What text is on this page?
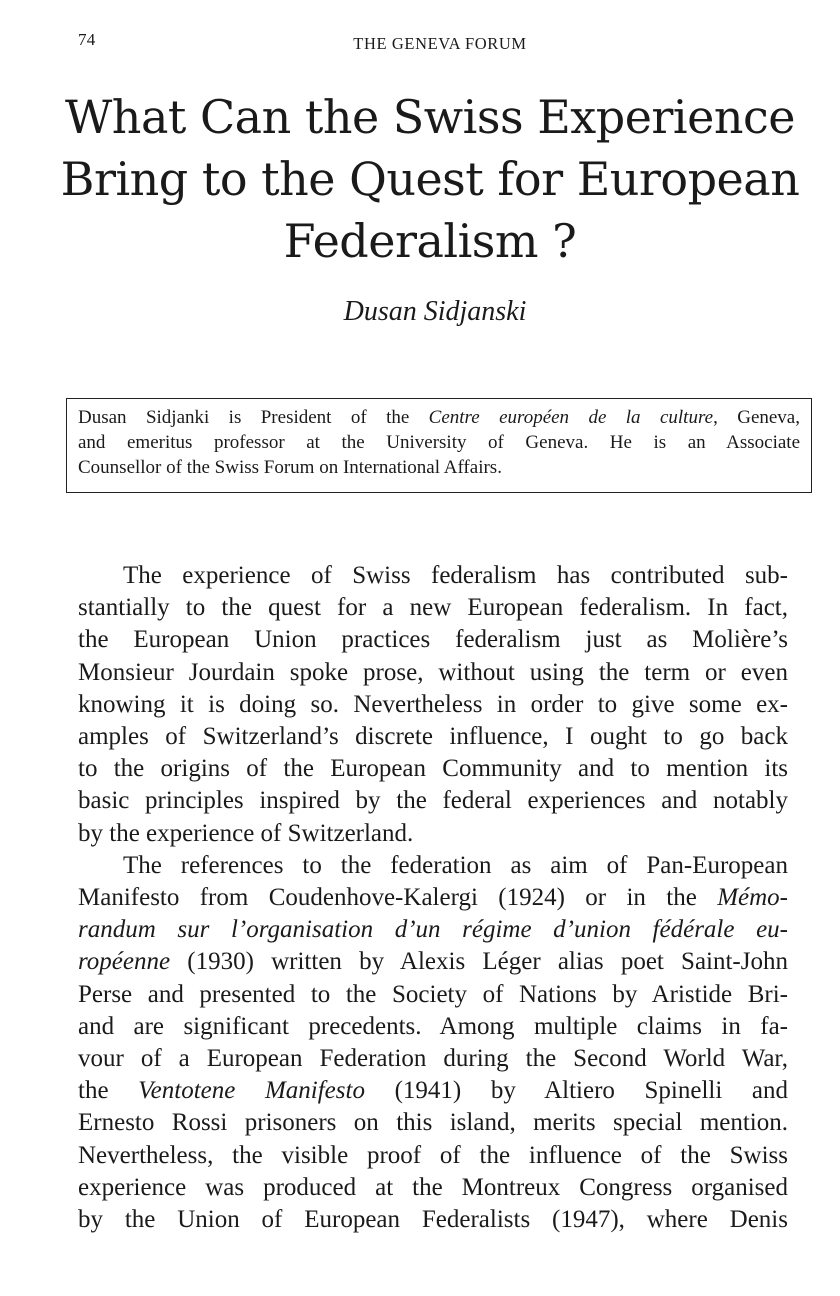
74	THE GENEVA FORUM
What Can the Swiss Experience
Bring to the Quest for European
Federalism ?
Dusan Sidjanski
Dusan Sidjanki is President of the Centre européen de la culture, Geneva,
and emeritus professor at the University of Geneva. He is an Associate
Counsellor of the Swiss Forum on International Affairs.
The experience of Swiss federalism has contributed sub-
stantially to the quest for a new European federalism. In fact,
the European Union practices federalism just as Molière’s
Monsieur Jourdain spoke prose, without using the term or even
knowing it is doing so. Nevertheless in order to give some ex-
amples of Switzerland’s discrete influence, I ought to go back
to the origins of the European Community and to mention its
basic principles inspired by the federal experiences and notably
by the experience of Switzerland.
The references to the federation as aim of Pan-European
Manifesto from Coudenhove-Kalergi (1924) or in the Mémo-
randum sur l’organisation d’un régime d’union fédérale eu-
ropéenne (1930) written by Alexis Léger alias poet Saint-John
Perse and presented to the Society of Nations by Aristide Bri-
and are significant precedents. Among multiple claims in fa-
vour of a European Federation during the Second World War,
the Ventotene Manifesto (1941) by Altiero Spinelli and
Ernesto Rossi prisoners on this island, merits special mention.
Nevertheless, the visible proof of the influence of the Swiss
experience was produced at the Montreux Congress organised
by the Union of European Federalists (1947), where Denis
